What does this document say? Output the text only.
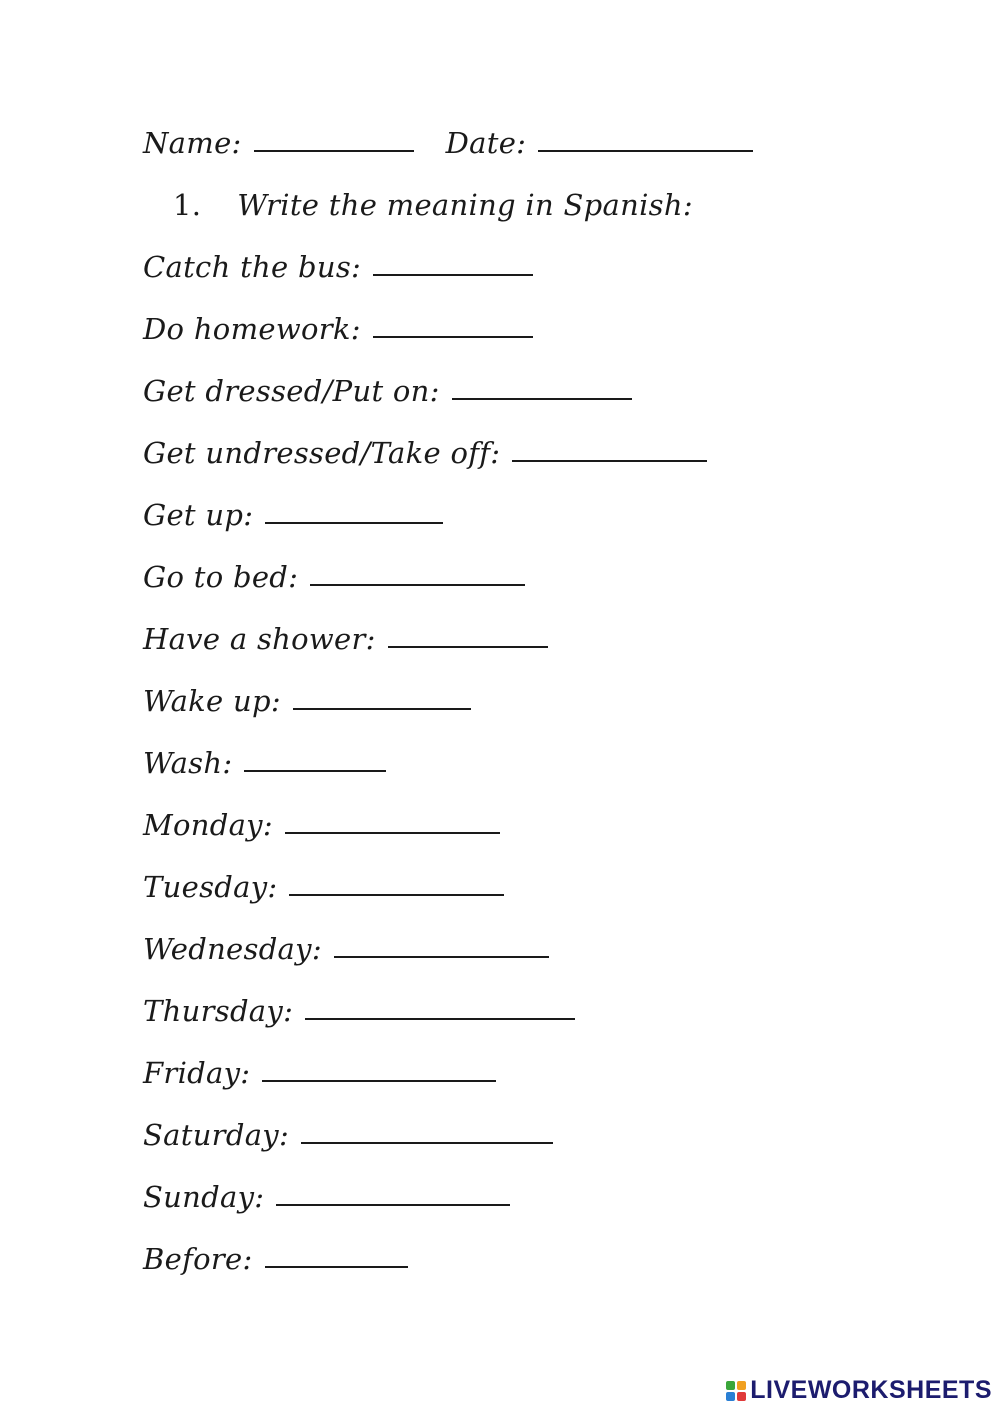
Name:	Date:
1. Write the meaning in Spanish:
Catch the bus:
Do homework:
Get dressed/Put on:
Get undressed/Take off:
Get up:
Go to bed:
Have a shower:
Wake up:
Wash:
Monday:
Tuesday:
Wednesday:
Thursday:
Friday:
Saturday:
Sunday:
Before:
LIVEWORKSHEETS
